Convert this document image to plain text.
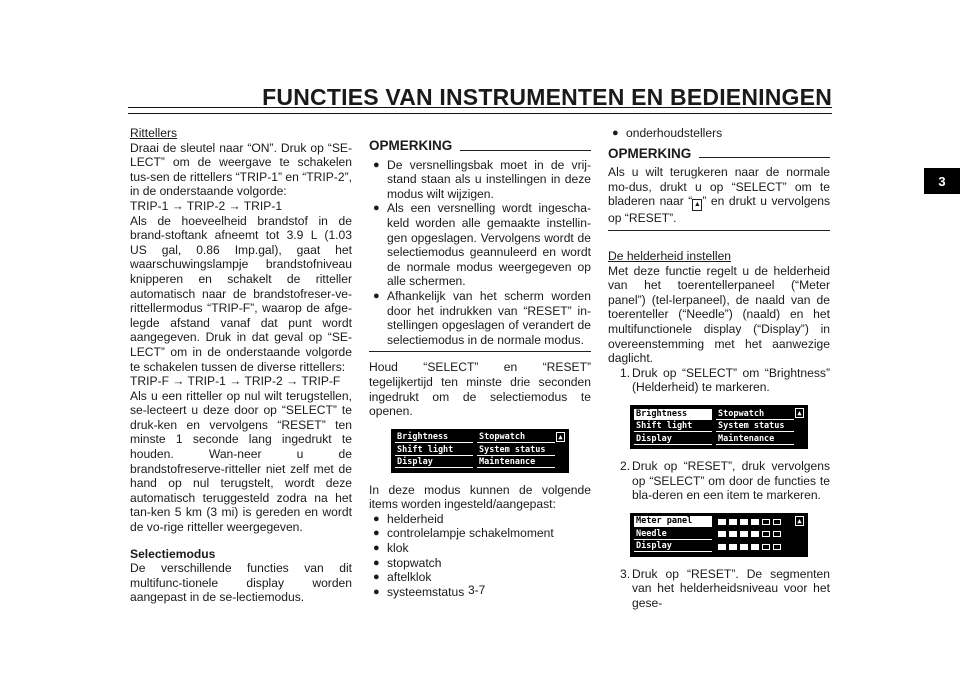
FUNCTIES VAN INSTRUMENTEN EN BEDIENINGEN
3

Rittellers

Draai de sleutel naar “ON”. Druk op “SE-LECT” om de weergave te schakelen tus-sen de rittellers “TRIP-1” en “TRIP-2”, in de onderstaande volgorde:

TRIP-1 → TRIP-2 → TRIP-1

Als de hoeveelheid brandstof in de brand-stoftank afneemt tot 3.9 L (1.03 US gal, 0.86 Imp.gal), gaat het waarschuwingslampje brandstofniveau knipperen en schakelt de ritteller automatisch naar de brandstofreser-ve-rittellermodus “TRIP-F”, waarop de afge-legde afstand vanaf dat punt wordt aangegeven. Druk in dat geval op “SE-LECT” om in de onderstaande volgorde te schakelen tussen de diverse rittellers:

TRIP-F → TRIP-1 → TRIP-2 → TRIP-F

Als u een ritteller op nul wilt terugstellen, se-lecteert u deze door op “SELECT” te druk-ken en vervolgens “RESET” ten minste 1 seconde lang ingedrukt te houden. Wan-neer u de brandstofreserve-ritteller niet zelf met de hand op nul terugstelt, wordt deze automatisch teruggesteld zodra na het tan-ken 5 km (3 mi) is gereden en wordt de vo-rige ritteller weergegeven.

Selectiemodus

De verschillende functies van dit multifunc-tionele display worden aangepast in de se-lectiemodus.

OPMERKING
● De versnellingsbak moet in de vrij-stand staan als u instellingen in deze modus wilt wijzigen.
● Als een versnelling wordt ingescha-keld worden alle gemaakte instellin-gen opgeslagen. Vervolgens wordt de selectiemodus geannuleerd en wordt de normale modus weergegeven op alle schermen.
● Afhankelijk van het scherm worden door het indrukken van “RESET” in-stellingen opgeslagen of verandert de selectiemodus in de normale modus.

Houd “SELECT” en “RESET” tegelijkertijd ten minste drie seconden ingedrukt om de selectiemodus te openen.

Brightness	Stopwatch
Shift light	System status
Display	Maintenance
▲

In deze modus kunnen de volgende items worden ingesteld/aangepast:

● helderheid
● controlelampje schakelmoment
● klok
● stopwatch
● aftelklok
● systeemstatus
● onderhoudstellers
OPMERKING

Als u wilt terugkeren naar de normale mo-dus, drukt u op “SELECT” om te bladeren naar “ ▲ ” en drukt u vervolgens op “RESET”.

De helderheid instellen

Met deze functie regelt u de helderheid van het toerentellerpaneel (“Meter panel”) (tel-lerpaneel), de naald van de toerenteller (“Needle”) (naald) en het multifunctionele display (“Display”) in overeenstemming met het aanwezige daglicht.

1. Druk op “SELECT” om “Brightness” (Helderheid) te markeren.
Brightness	Stopwatch
Shift light	System status
Display	Maintenance
▲
2. Druk op “RESET”, druk vervolgens op “SELECT” om door de functies te bla-deren en een item te markeren.
Meter panel
Needle
Display
▲
3. Druk op “RESET”. De segmenten van het helderheidsniveau voor het gese-
3-7
